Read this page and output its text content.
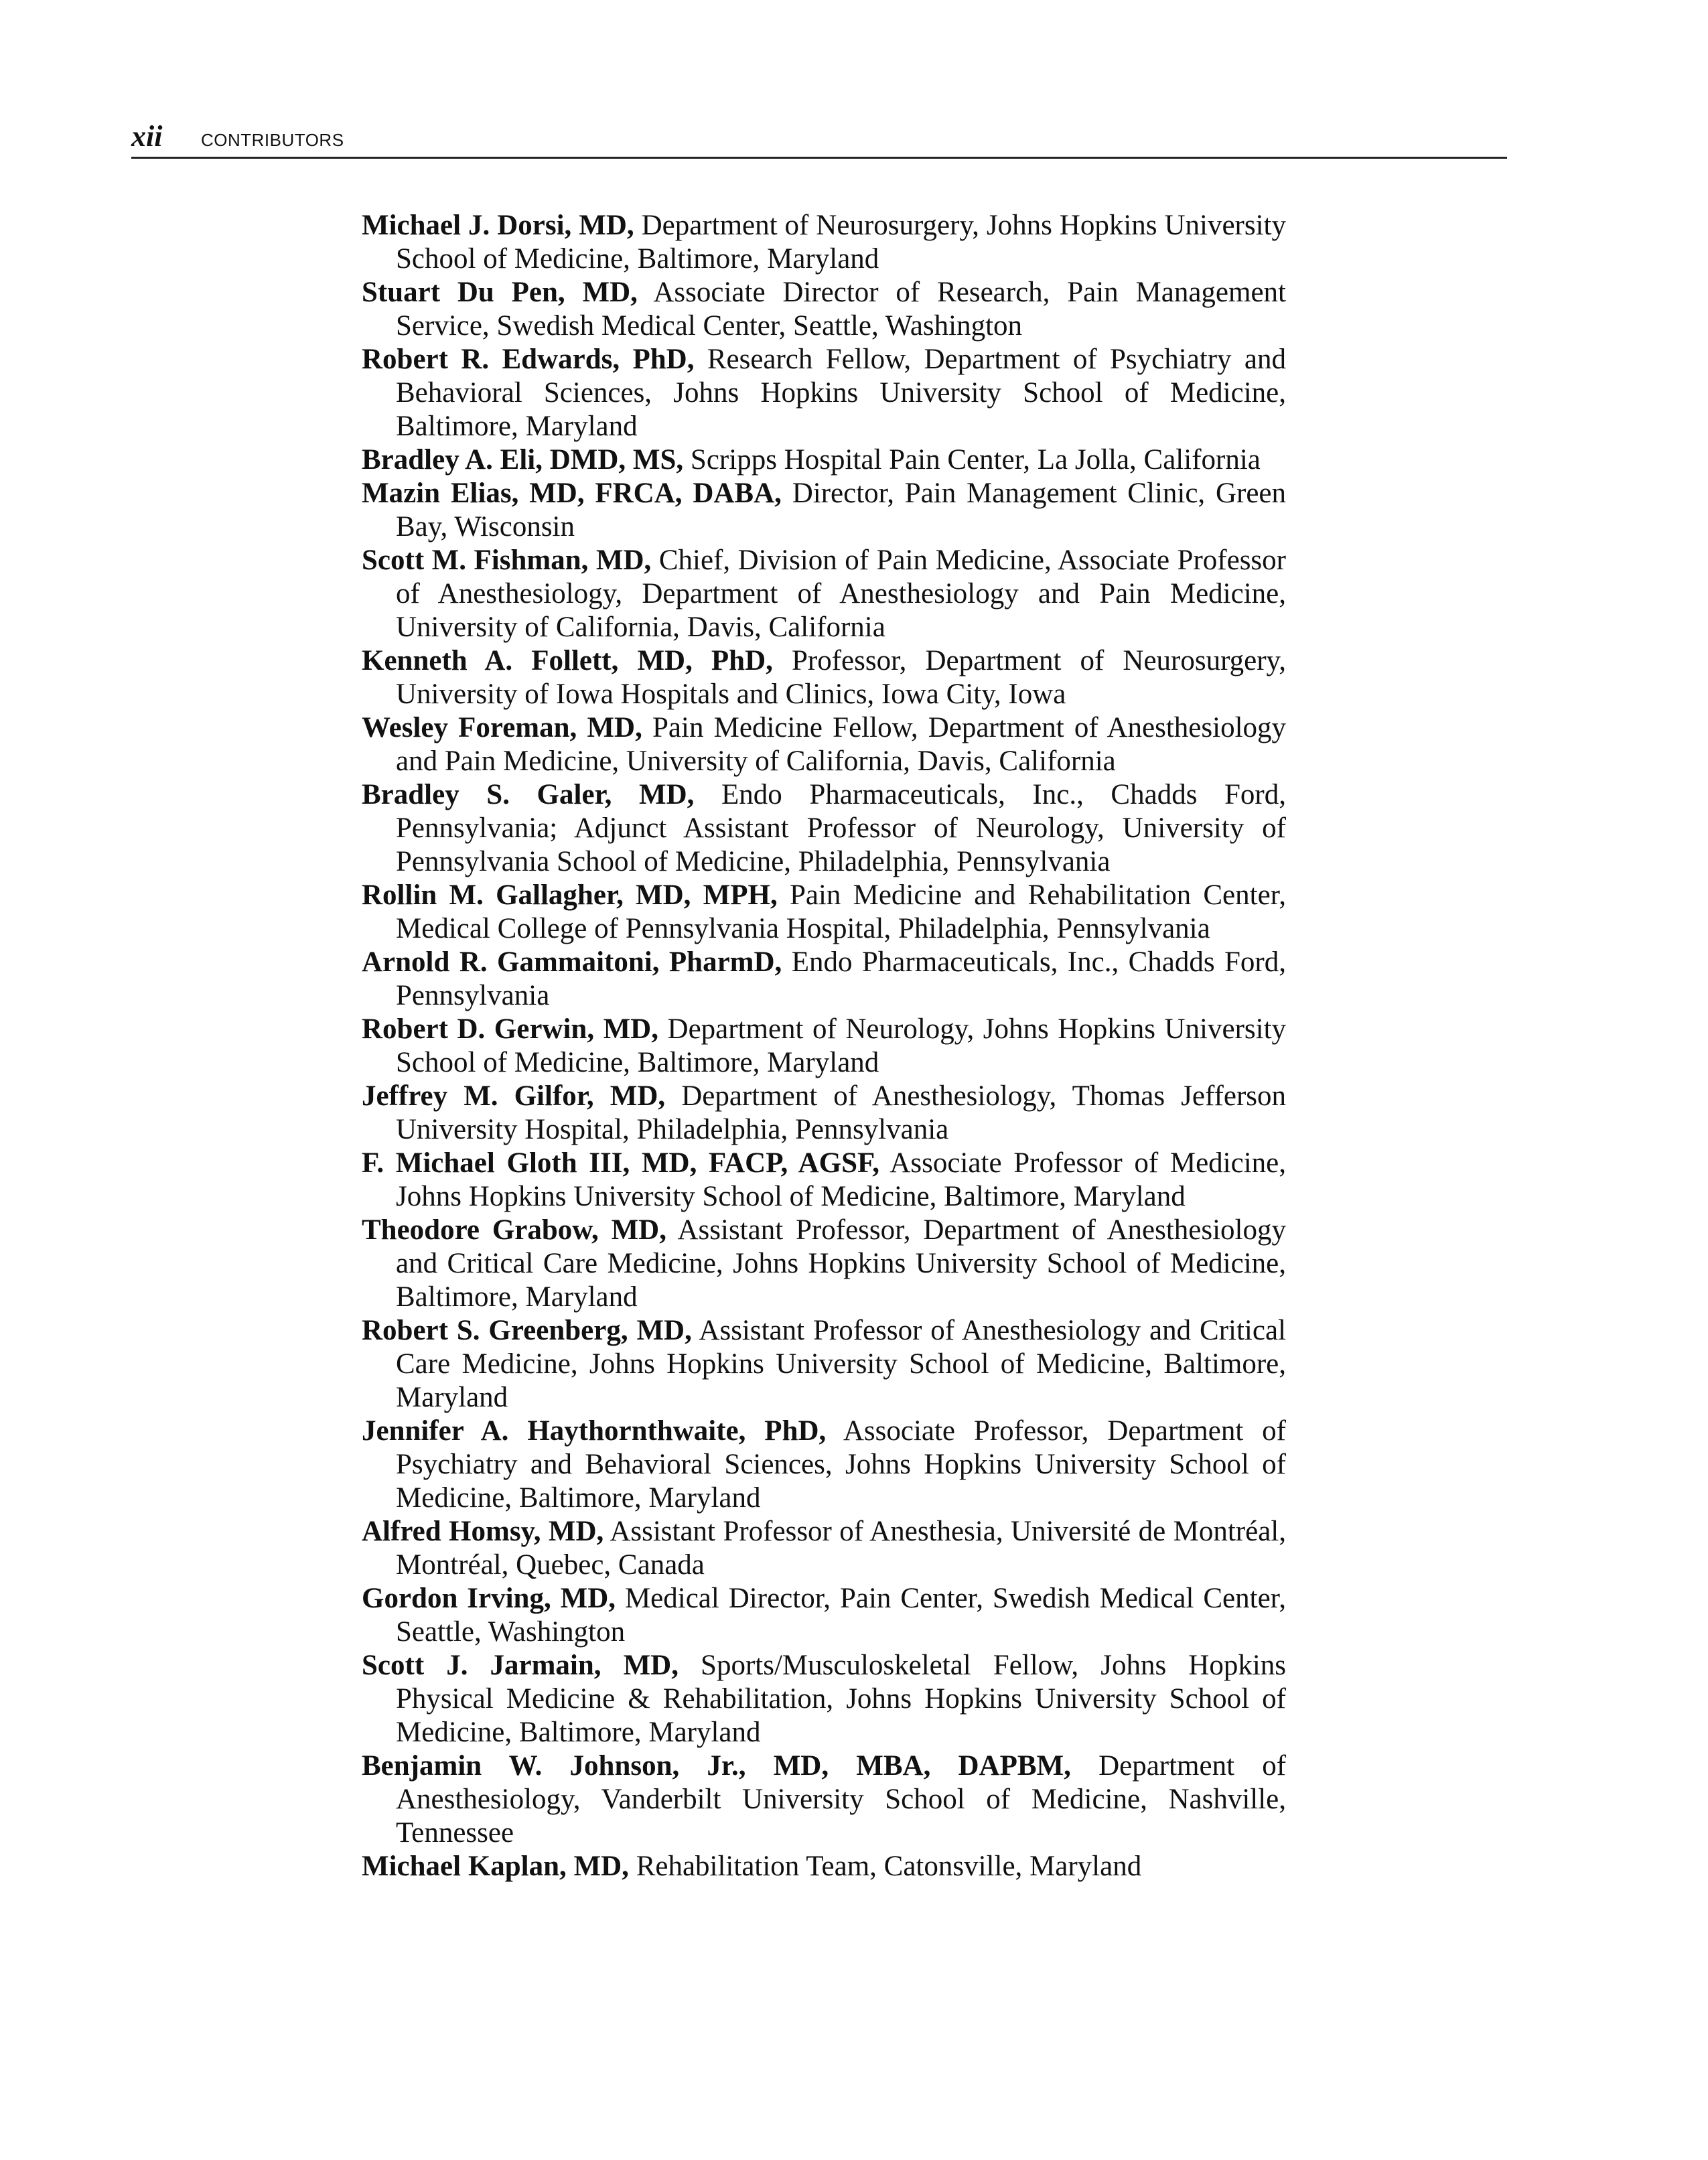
xii CONTRIBUTORS
Michael J. Dorsi, MD, Department of Neurosurgery, Johns Hopkins University School of Medicine, Baltimore, Maryland
Stuart Du Pen, MD, Associate Director of Research, Pain Management Service, Swedish Medical Center, Seattle, Washington
Robert R. Edwards, PhD, Research Fellow, Department of Psychiatry and Behavioral Sciences, Johns Hopkins University School of Medicine, Baltimore, Maryland
Bradley A. Eli, DMD, MS, Scripps Hospital Pain Center, La Jolla, California
Mazin Elias, MD, FRCA, DABA, Director, Pain Management Clinic, Green Bay, Wisconsin
Scott M. Fishman, MD, Chief, Division of Pain Medicine, Associate Professor of Anesthesiology, Department of Anesthesiology and Pain Medicine, University of California, Davis, California
Kenneth A. Follett, MD, PhD, Professor, Department of Neurosurgery, University of Iowa Hospitals and Clinics, Iowa City, Iowa
Wesley Foreman, MD, Pain Medicine Fellow, Department of Anesthesiology and Pain Medicine, University of California, Davis, California
Bradley S. Galer, MD, Endo Pharmaceuticals, Inc., Chadds Ford, Pennsylvania; Adjunct Assistant Professor of Neurology, University of Pennsylvania School of Medicine, Philadelphia, Pennsylvania
Rollin M. Gallagher, MD, MPH, Pain Medicine and Rehabilitation Center, Medical College of Pennsylvania Hospital, Philadelphia, Pennsylvania
Arnold R. Gammaitoni, PharmD, Endo Pharmaceuticals, Inc., Chadds Ford, Pennsylvania
Robert D. Gerwin, MD, Department of Neurology, Johns Hopkins University School of Medicine, Baltimore, Maryland
Jeffrey M. Gilfor, MD, Department of Anesthesiology, Thomas Jefferson University Hospital, Philadelphia, Pennsylvania
F. Michael Gloth III, MD, FACP, AGSF, Associate Professor of Medicine, Johns Hopkins University School of Medicine, Baltimore, Maryland
Theodore Grabow, MD, Assistant Professor, Department of Anesthesiology and Critical Care Medicine, Johns Hopkins University School of Medicine, Baltimore, Maryland
Robert S. Greenberg, MD, Assistant Professor of Anesthesiology and Critical Care Medicine, Johns Hopkins University School of Medicine, Baltimore, Maryland
Jennifer A. Haythornthwaite, PhD, Associate Professor, Department of Psychiatry and Behavioral Sciences, Johns Hopkins University School of Medicine, Baltimore, Maryland
Alfred Homsy, MD, Assistant Professor of Anesthesia, Université de Montréal, Montréal, Quebec, Canada
Gordon Irving, MD, Medical Director, Pain Center, Swedish Medical Center, Seattle, Washington
Scott J. Jarmain, MD, Sports/Musculoskeletal Fellow, Johns Hopkins Physical Medicine & Rehabilitation, Johns Hopkins University School of Medicine, Baltimore, Maryland
Benjamin W. Johnson, Jr., MD, MBA, DAPBM, Department of Anesthesiology, Vanderbilt University School of Medicine, Nashville, Tennessee
Michael Kaplan, MD, Rehabilitation Team, Catonsville, Maryland
